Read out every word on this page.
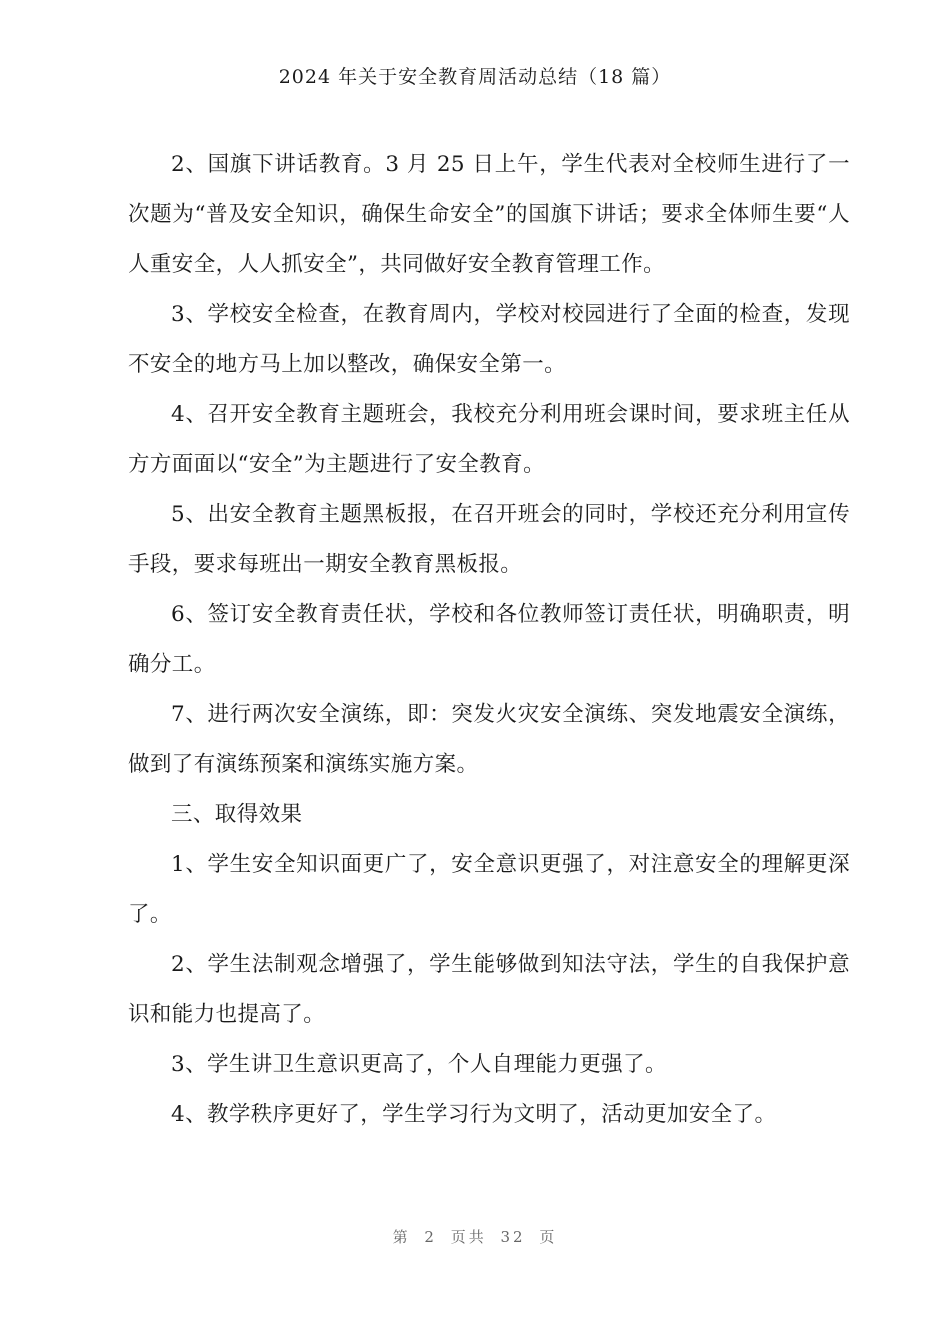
2024 年关于安全教育周活动总结（18 篇）

2、国旗下讲话教育。3 月 25 日上午，学生代表对全校师生进行了一次题为“普及安全知识，确保生命安全”的国旗下讲话；要求全体师生要“人人重安全，人人抓安全”，共同做好安全教育管理工作。

3、学校安全检查，在教育周内，学校对校园进行了全面的检查，发现不安全的地方马上加以整改，确保安全第一。

4、召开安全教育主题班会，我校充分利用班会课时间，要求班主任从方方面面以“安全”为主题进行了安全教育。

5、出安全教育主题黑板报，在召开班会的同时，学校还充分利用宣传手段，要求每班出一期安全教育黑板报。

6、签订安全教育责任状，学校和各位教师签订责任状，明确职责，明确分工。

7、进行两次安全演练，即：突发火灾安全演练、突发地震安全演练，做到了有演练预案和演练实施方案。

三、取得效果

1、学生安全知识面更广了，安全意识更强了，对注意安全的理解更深了。

2、学生法制观念增强了，学生能够做到知法守法，学生的自我保护意识和能力也提高了。

3、学生讲卫生意识更高了，个人自理能力更强了。

4、教学秩序更好了，学生学习行为文明了，活动更加安全了。

第 2 页共 32 页
